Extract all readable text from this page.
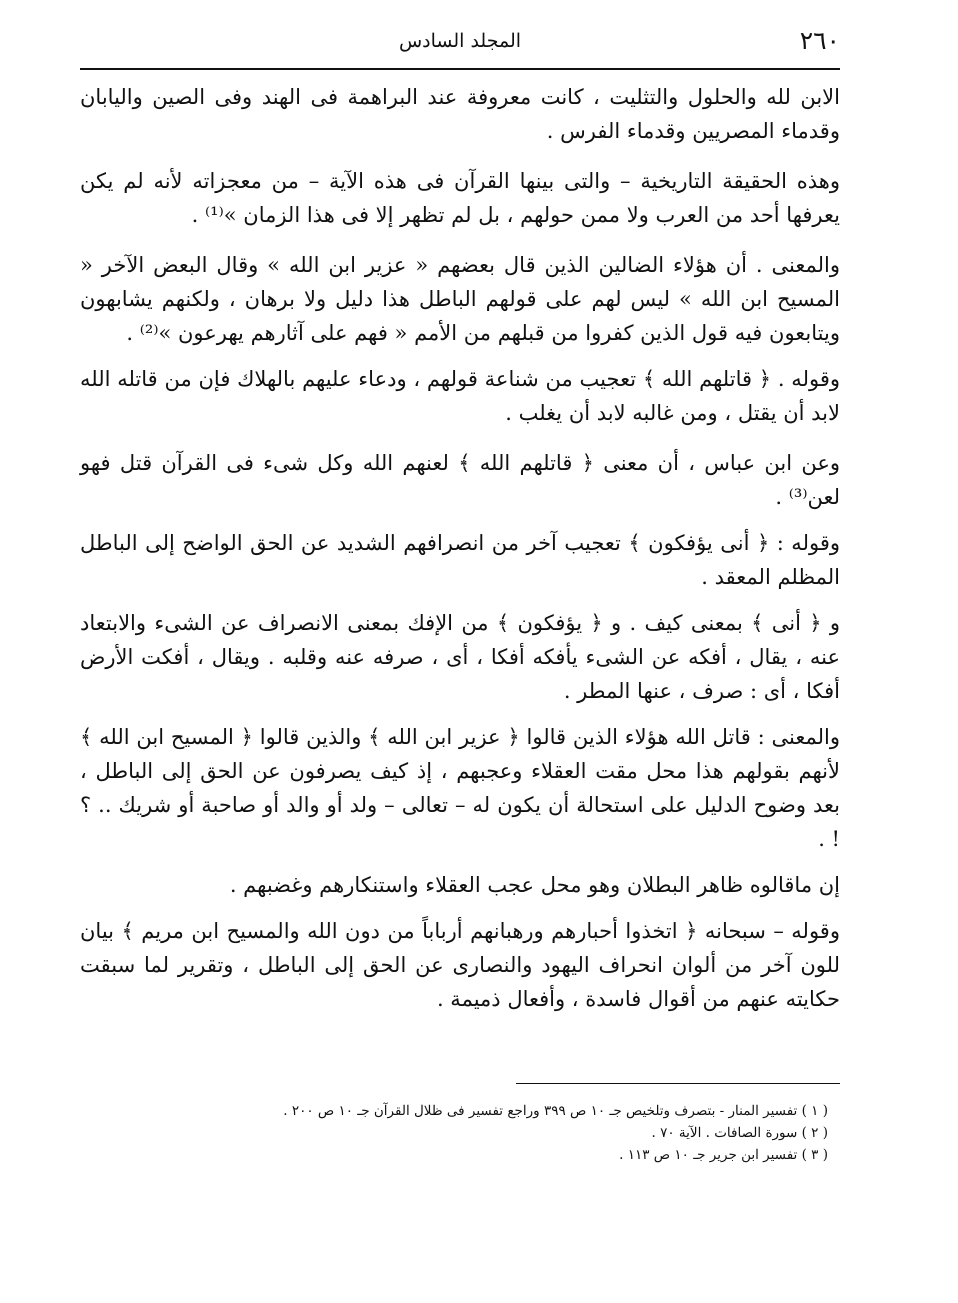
٢٦٠
المجلد السادس

الابن لله والحلول والتثليت ، كانت معروفة عند البراهمة فى الهند وفى الصين واليابان وقدماء المصريين وقدماء الفرس .

وهذه الحقيقة التاريخية – والتى بينها القرآن فى هذه الآية – من معجزاته لأنه لم يكن يعرفها أحد من العرب ولا ممن حولهم ، بل لم تظهر إلا فى هذا الزمان »⁽¹⁾ .

والمعنى . أن هؤلاء الضالين الذين قال بعضهم « عزير ابن الله » وقال البعض الآخر « المسيح ابن الله » ليس لهم على قولهم الباطل هذا دليل ولا برهان ، ولكنهم يشابهون ويتابعون فيه قول الذين كفروا من قبلهم من الأمم « فهم على آثارهم يهرعون »⁽²⁾ .

وقوله . ﴿ قاتلهم الله ﴾ تعجيب من شناعة قولهم ، ودعاء عليهم بالهلاك فإن من قاتله الله لابد أن يقتل ، ومن غالبه لابد أن يغلب .

وعن ابن عباس ، أن معنى ﴿ قاتلهم الله ﴾ لعنهم الله وكل شىء فى القرآن قتل فهو لعن⁽³⁾ .

وقوله : ﴿ أنى يؤفكون ﴾ تعجيب آخر من انصرافهم الشديد عن الحق الواضح إلى الباطل المظلم المعقد .

و ﴿ أنى ﴾ بمعنى كيف . و ﴿ يؤفكون ﴾ من الإفك بمعنى الانصراف عن الشىء والابتعاد عنه ، يقال ، أفكه عن الشىء يأفكه أفكا ، أى ، صرفه عنه وقلبه . ويقال ، أفكت الأرض أفكا ، أى : صرف ، عنها المطر .

والمعنى : قاتل الله هؤلاء الذين قالوا ﴿ عزير ابن الله ﴾ والذين قالوا ﴿ المسيح ابن الله ﴾ لأنهم بقولهم هذا محل مقت العقلاء وعجبهم ، إذ كيف يصرفون عن الحق إلى الباطل ، بعد وضوح الدليل على استحالة أن يكون له – تعالى – ولد أو والد أو صاحبة أو شريك .. ؟ ! .

إن ماقالوه ظاهر البطلان وهو محل عجب العقلاء واستنكارهم وغضبهم .

وقوله – سبحانه ﴿ اتخذوا أحبارهم ورهبانهم أرباباً من دون الله والمسيح ابن مريم ﴾ بيان للون آخر من ألوان انحراف اليهود والنصارى عن الحق إلى الباطل ، وتقرير لما سبقت حكايته عنهم من أقوال فاسدة ، وأفعال ذميمة .

( ١ ) تفسير المنار - بتصرف وتلخيص جـ ١٠ ص ٣٩٩ وراجع تفسير فى ظلال القرآن جـ ١٠ ص ٢٠٠ .

( ٢ ) سورة الصافات . الآية ٧٠ .

( ٣ ) تفسير ابن جرير جـ ١٠ ص ١١٣ .
